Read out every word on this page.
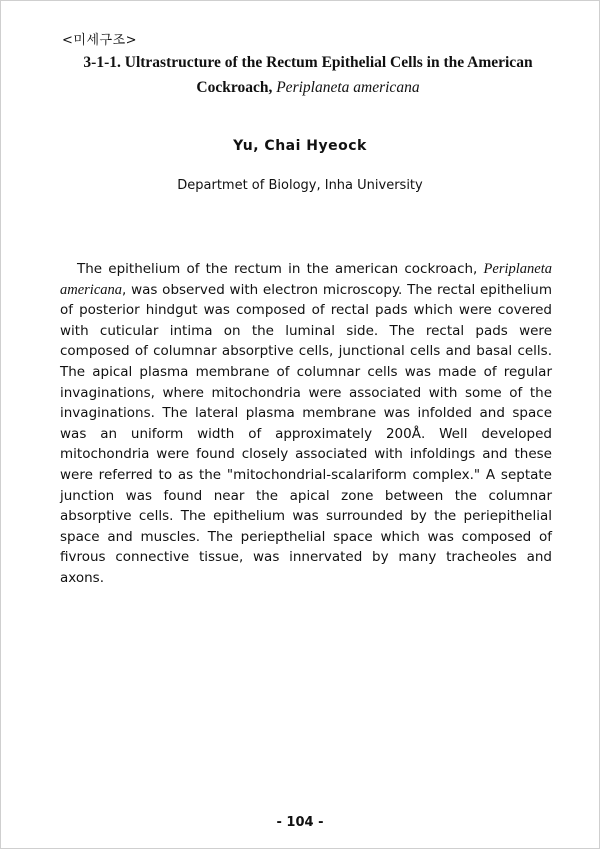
<미세구조>
3-1-1. Ultrastructure of the Rectum Epithelial Cells in the American Cockroach, Periplaneta americana
Yu, Chai Hyeock
Departmet of Biology, Inha University

The epithelium of the rectum in the american cockroach, Periplaneta americana, was observed with electron microscopy. The rectal epithelium of posterior hindgut was composed of rectal pads which were covered with cuticular intima on the luminal side. The rectal pads were composed of columnar absorptive cells, junctional cells and basal cells. The apical plasma membrane of columnar cells was made of regular invaginations, where mitochondria were associated with some of the invaginations. The lateral plasma membrane was infolded and space was an uniform width of approximately 200Å. Well developed mitochondria were found closely associated with infoldings and these were referred to as the "mitochondrial-scalariform complex." A septate junction was found near the apical zone between the columnar absorptive cells. The epithelium was surrounded by the periepithelial space and muscles. The periepthelial space which was composed of fivrous connective tissue, was innervated by many tracheoles and axons.

- 104 -
